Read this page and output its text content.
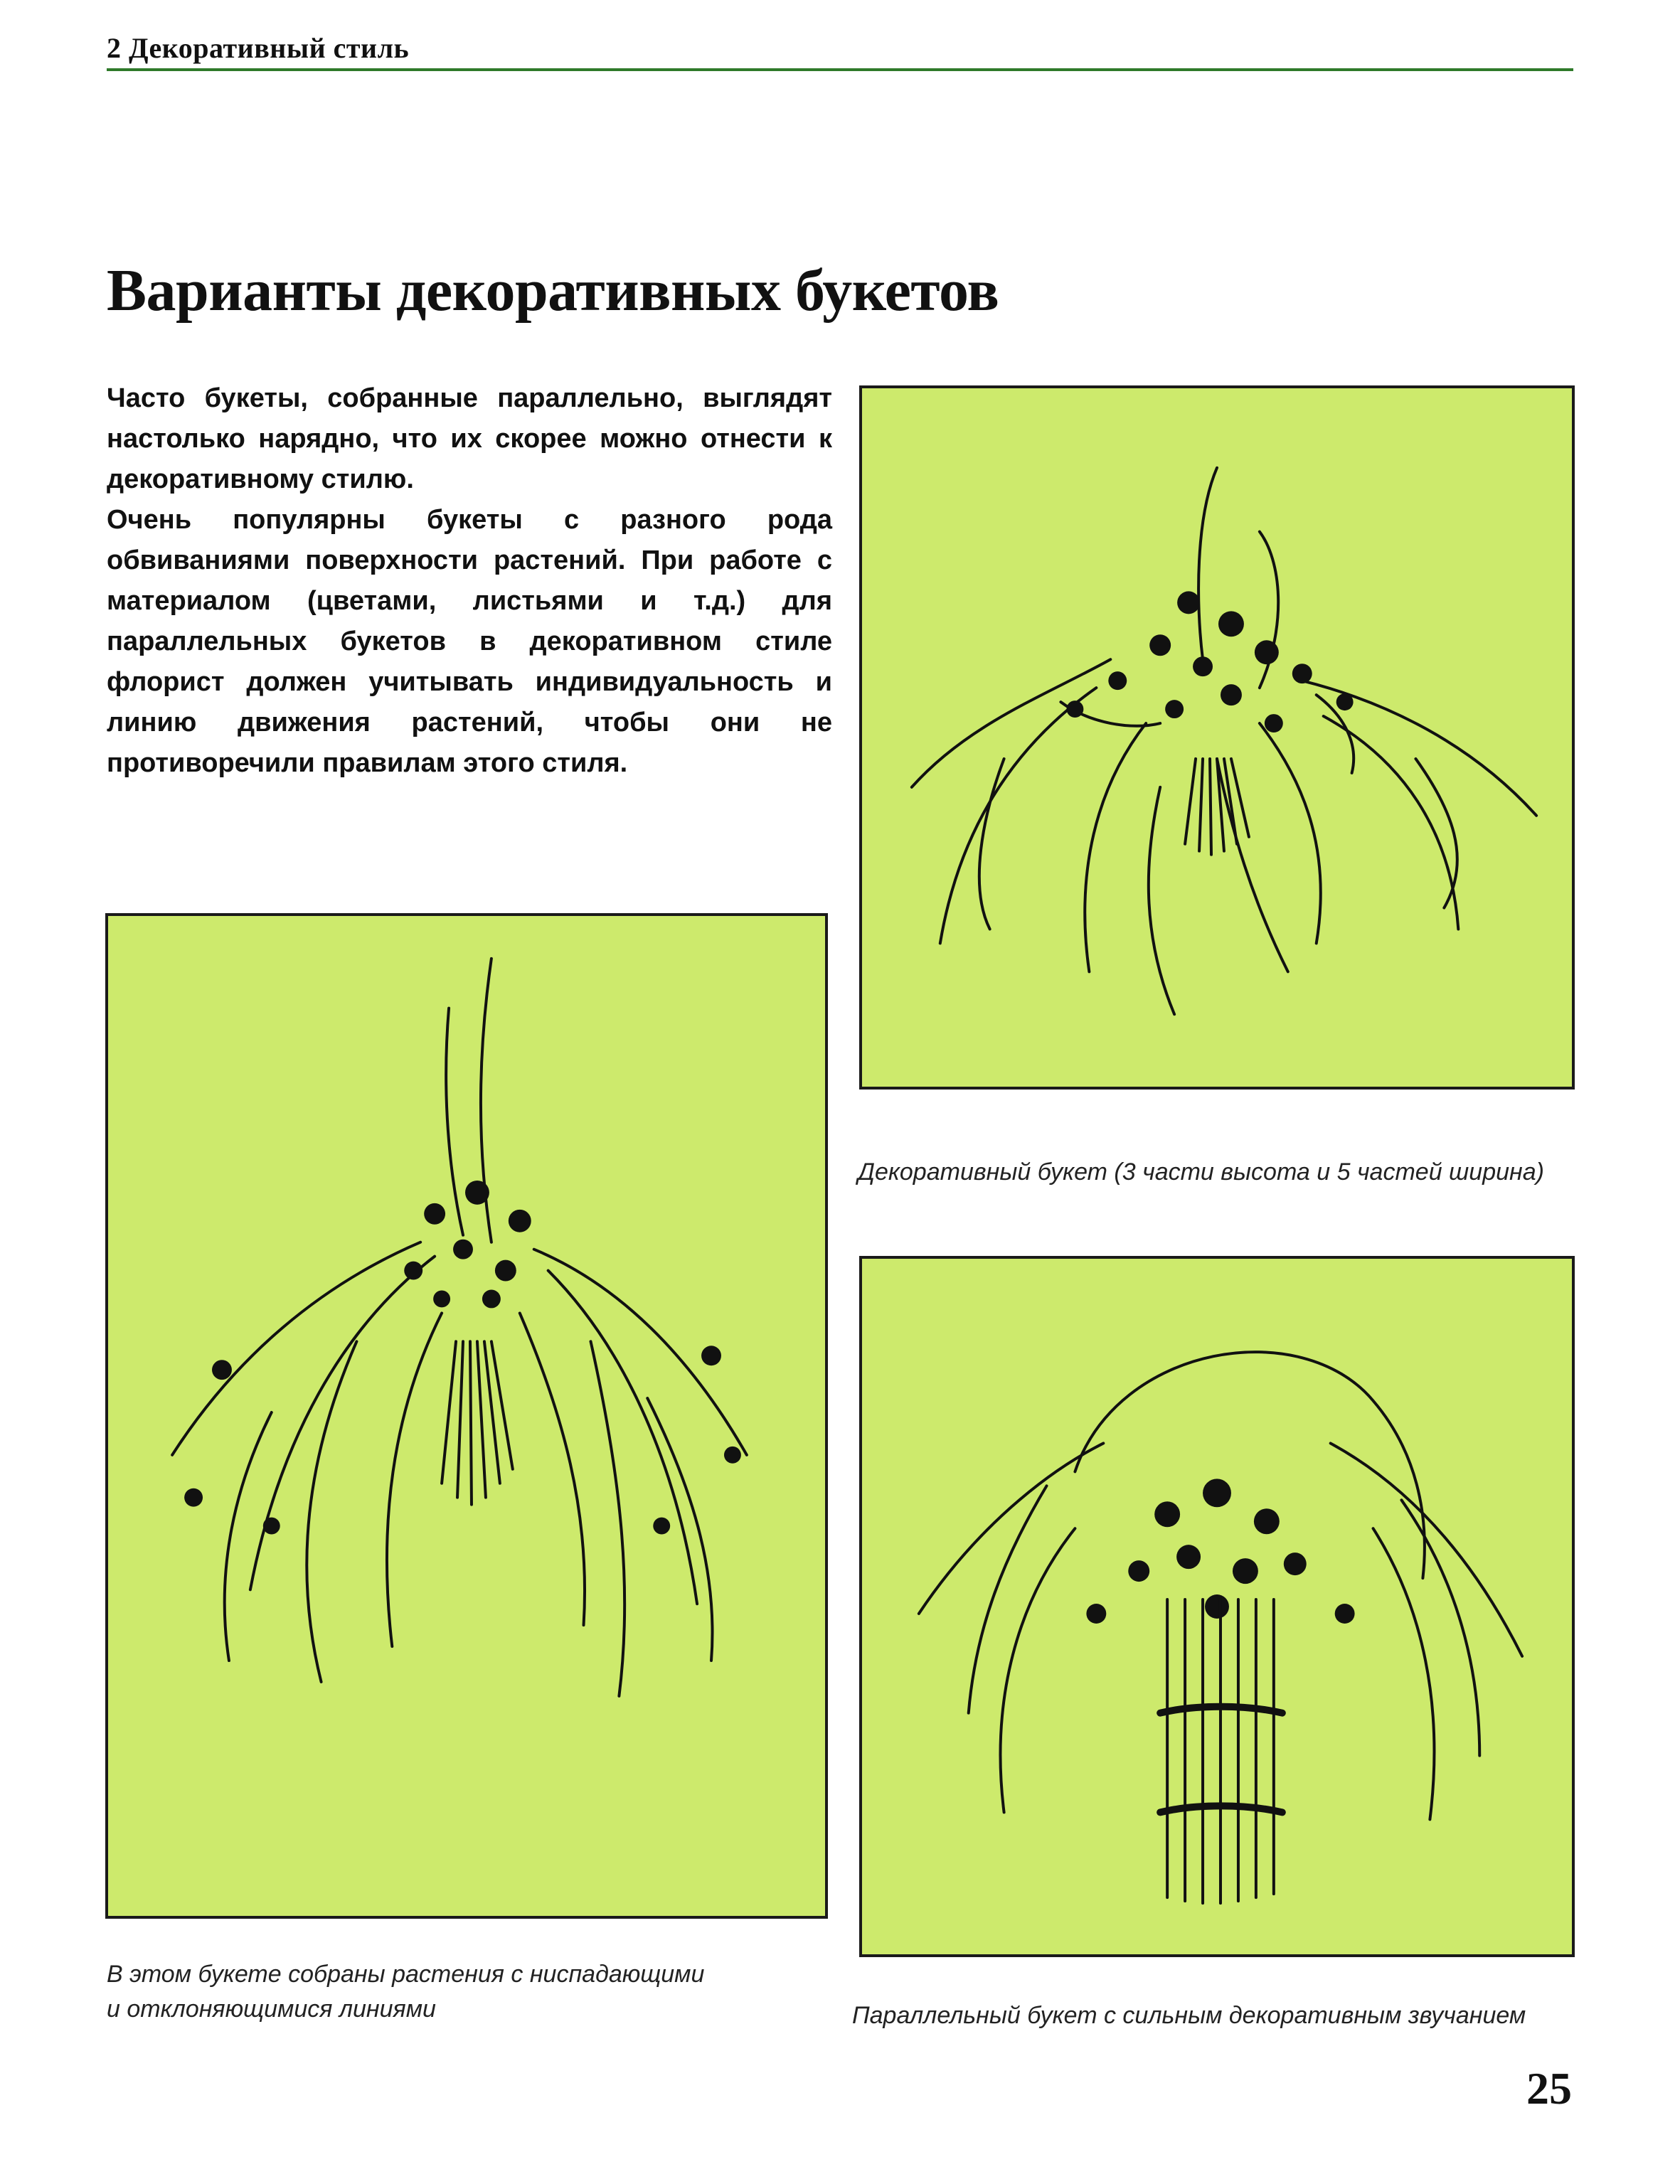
2 Декоративный стиль
Варианты декоративных букетов

Часто букеты, собранные параллельно, выглядят настолько нарядно, что их скорее можно отнести к декоративному стилю.

Очень популярны букеты с разного рода обвиваниями поверхности растений. При работе с материалом (цветами, листьями и т.д.) для параллельных букетов в декоративном стиле флорист должен учитывать индивидуальность и линию движения растений, чтобы они не противоречили правилам этого стиля.

Декоративный букет (3 части высота и 5 частей ширина)
В этом букете собраны растения с ниспадающими
и отклоняющимися линиями	Параллельный букет с сильным декоративным звучанием
25
